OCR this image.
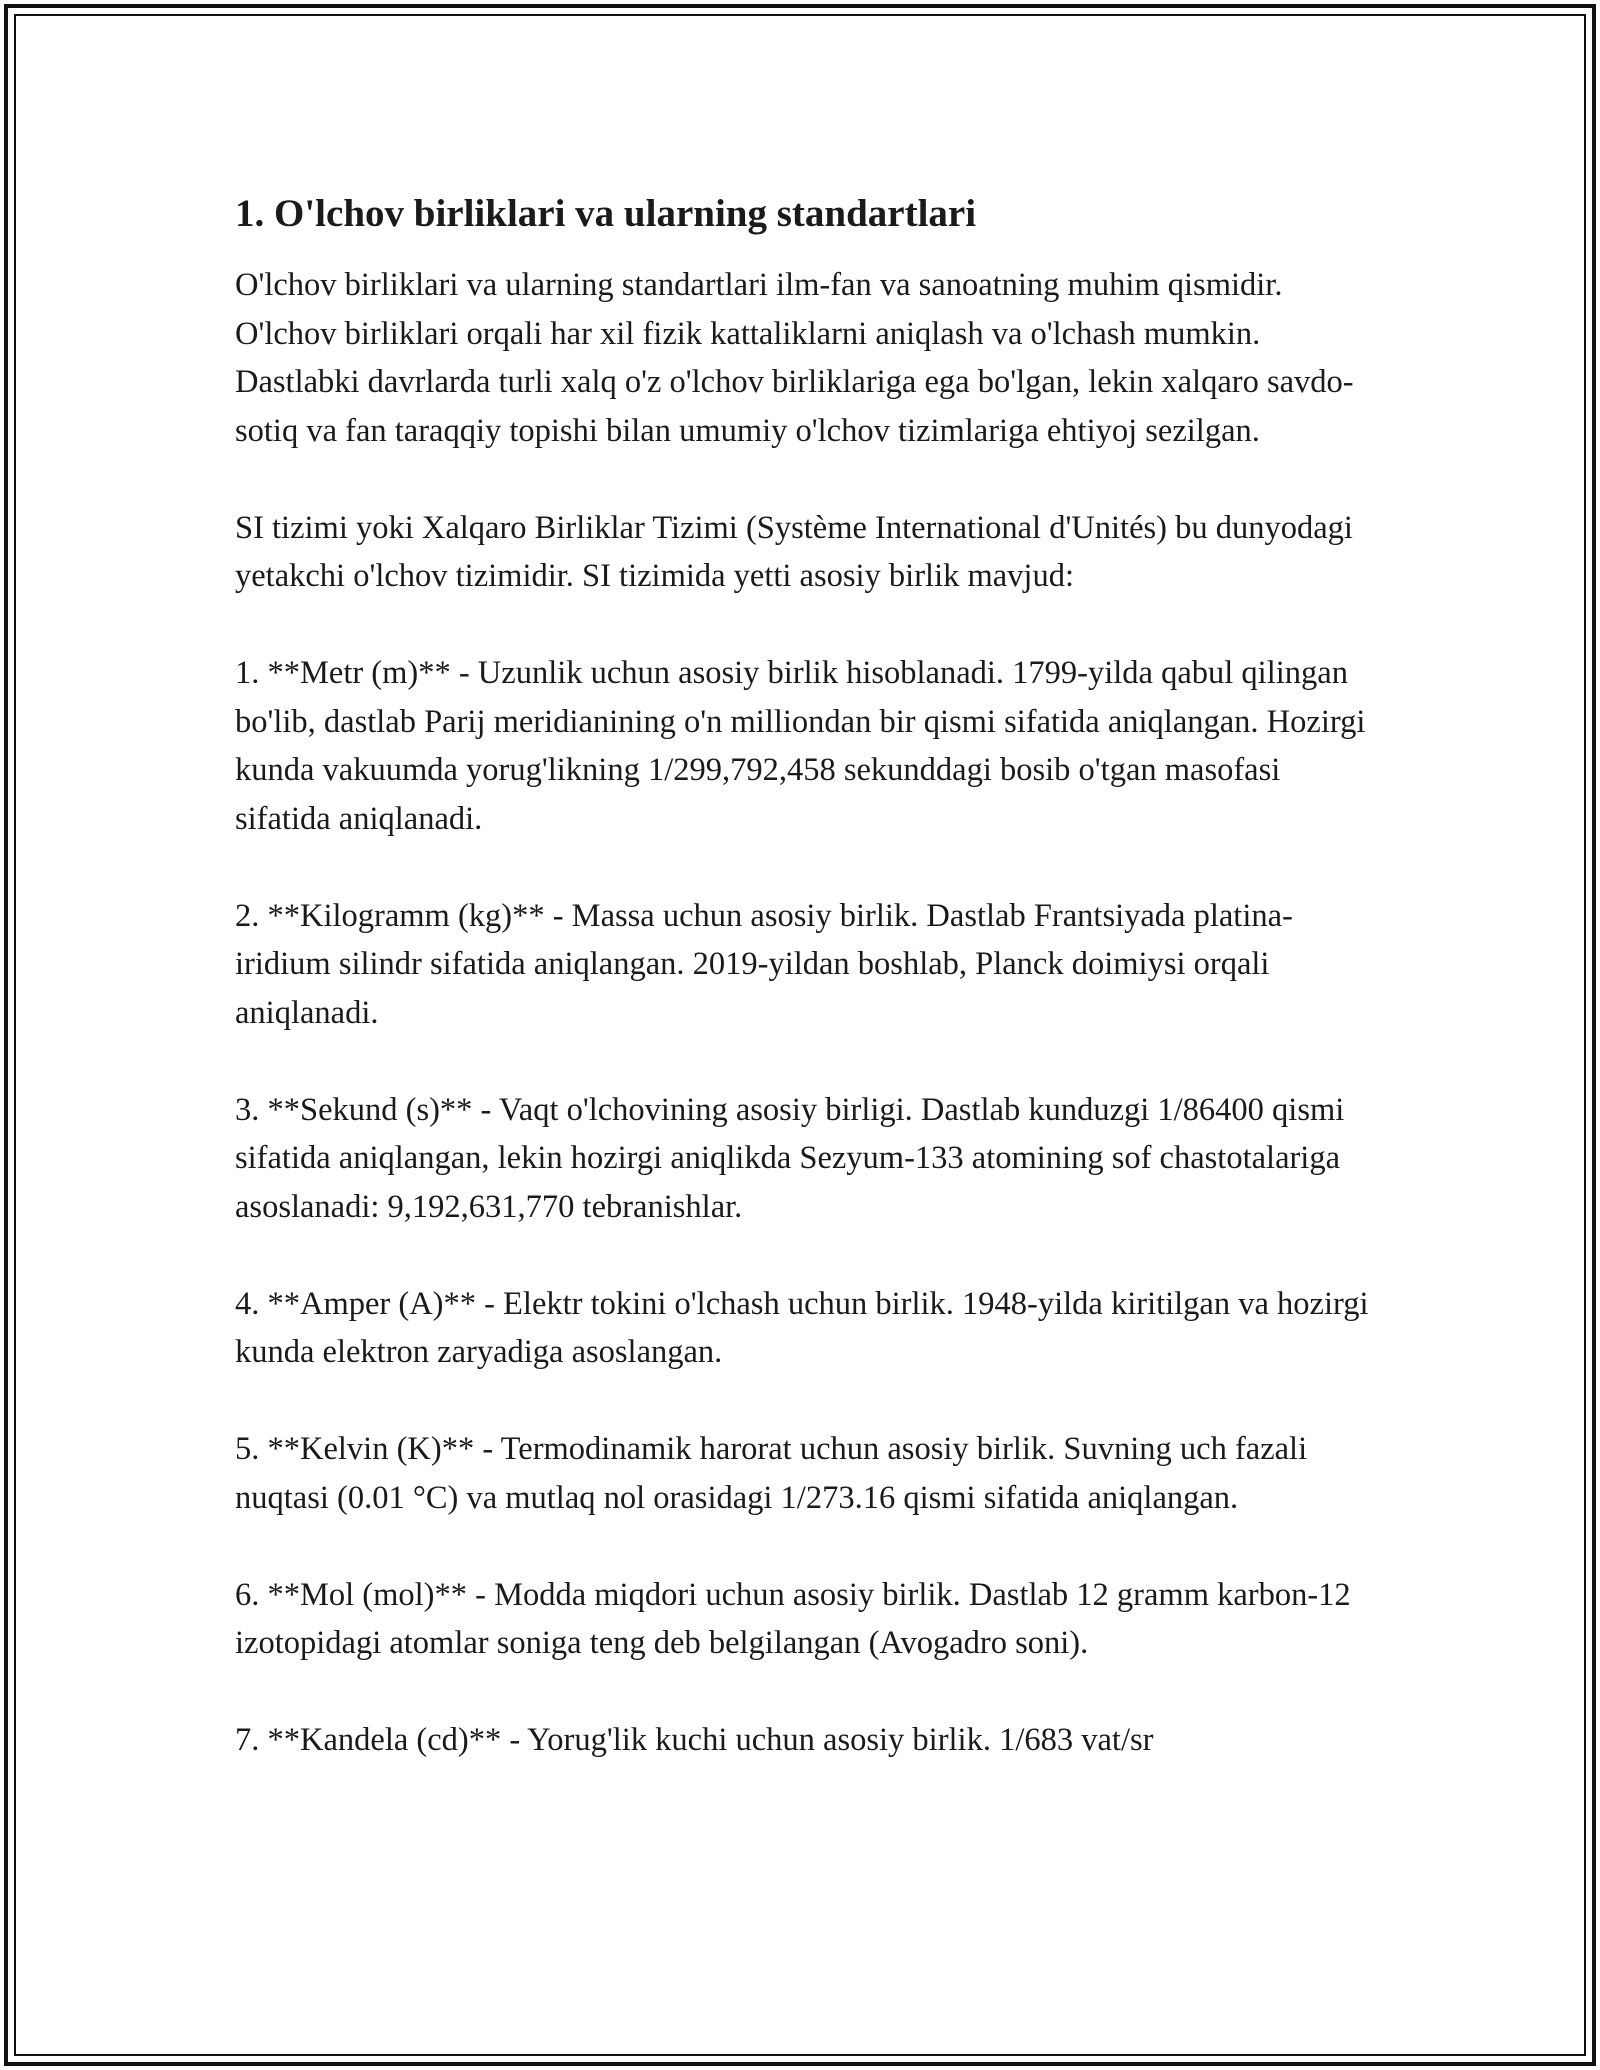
1. O'lchov birliklari va ularning standartlari

O'lchov birliklari va ularning standartlari ilm-fan va sanoatning muhim qismidir. O'lchov birliklari orqali har xil fizik kattaliklarni aniqlash va o'lchash mumkin. Dastlabki davrlarda turli xalq o'z o'lchov birliklariga ega bo'lgan, lekin xalqaro savdo-sotiq va fan taraqqiy topishi bilan umumiy o'lchov tizimlariga ehtiyoj sezilgan.

SI tizimi yoki Xalqaro Birliklar Tizimi (Système International d'Unités) bu dunyodagi yetakchi o'lchov tizimidir. SI tizimida yetti asosiy birlik mavjud:

1. **Metr (m)** - Uzunlik uchun asosiy birlik hisoblanadi. 1799-yilda qabul qilingan bo'lib, dastlab Parij meridianining o'n milliondan bir qismi sifatida aniqlangan. Hozirgi kunda vakuumda yorug'likning 1/299,792,458 sekunddagi bosib o'tgan masofasi sifatida aniqlanadi.

2. **Kilogramm (kg)** - Massa uchun asosiy birlik. Dastlab Frantsiyada platina-iridium silindr sifatida aniqlangan. 2019-yildan boshlab, Planck doimiysi orqali aniqlanadi.

3. **Sekund (s)** - Vaqt o'lchovining asosiy birligi. Dastlab kunduzgi 1/86400 qismi sifatida aniqlangan, lekin hozirgi aniqlikda Sezyum-133 atomining sof chastotalariga asoslanadi: 9,192,631,770 tebranishlar.

4. **Amper (A)** - Elektr tokini o'lchash uchun birlik. 1948-yilda kiritilgan va hozirgi kunda elektron zaryadiga asoslangan.

5. **Kelvin (K)** - Termodinamik harorat uchun asosiy birlik. Suvning uch fazali nuqtasi (0.01 °C) va mutlaq nol orasidagi 1/273.16 qismi sifatida aniqlangan.

6. **Mol (mol)** - Modda miqdori uchun asosiy birlik. Dastlab 12 gramm karbon-12 izotopidagi atomlar soniga teng deb belgilangan (Avogadro soni).

7. **Kandela (cd)** - Yorug'lik kuchi uchun asosiy birlik. 1/683 vat/sr
